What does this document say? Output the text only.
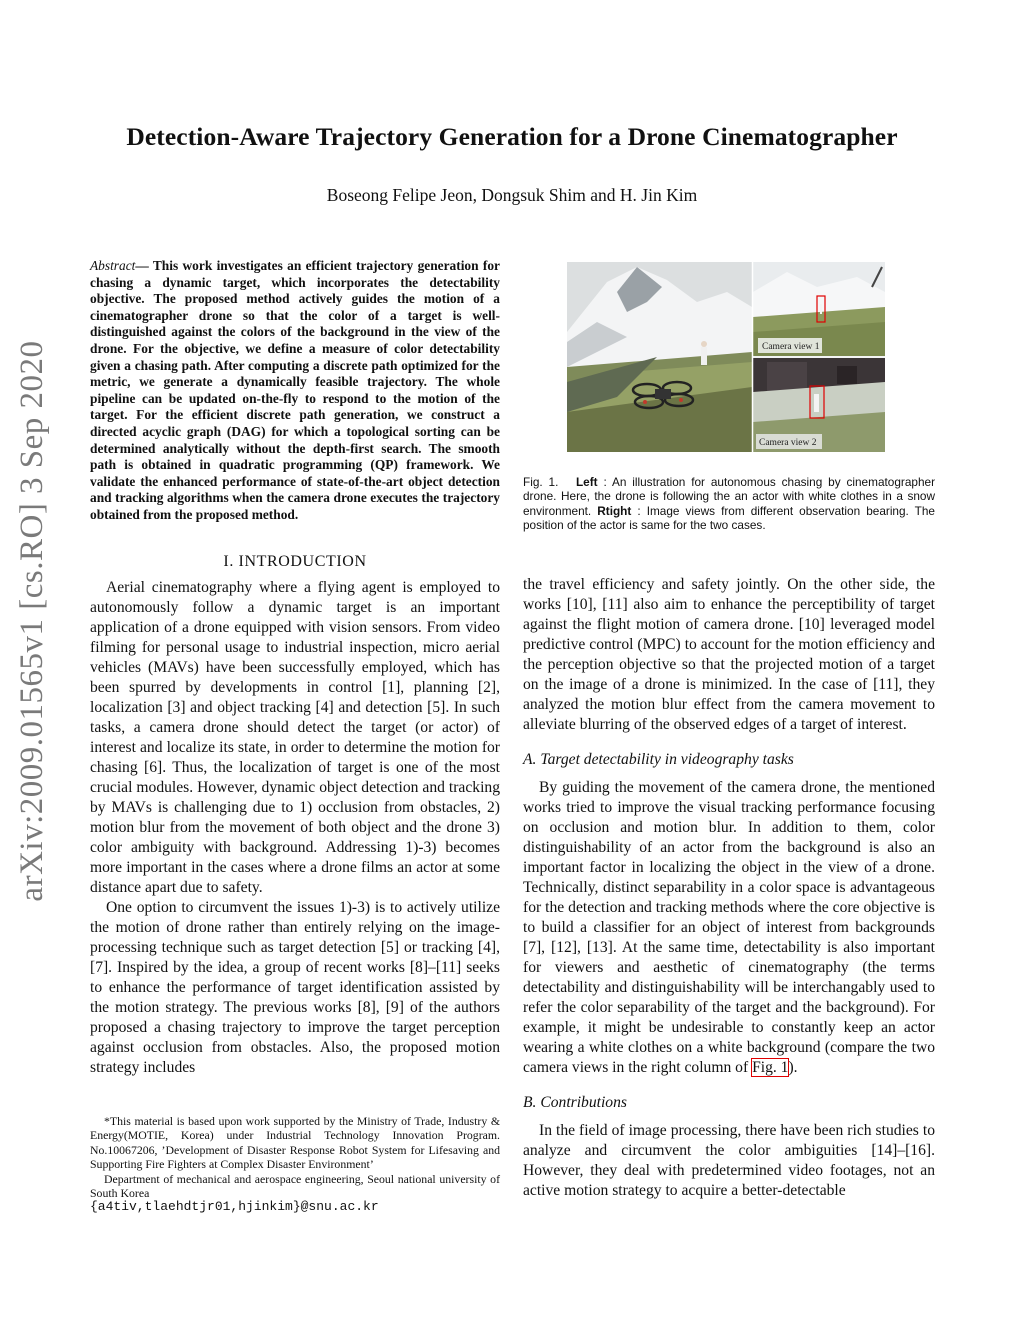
arXiv:2009.01565v1 [cs.RO] 3 Sep 2020
Detection-Aware Trajectory Generation for a Drone Cinematographer
Boseong Felipe Jeon, Dongsuk Shim and H. Jin Kim
Abstract— This work investigates an efficient trajectory generation for chasing a dynamic target, which incorporates the detectability objective. The proposed method actively guides the motion of a cinematographer drone so that the color of a target is well-distinguished against the colors of the background in the view of the drone. For the objective, we define a measure of color detectability given a chasing path. After computing a discrete path optimized for the metric, we generate a dynamically feasible trajectory. The whole pipeline can be updated on-the-fly to respond to the motion of the target. For the efficient discrete path generation, we construct a directed acyclic graph (DAG) for which a topological sorting can be determined analytically without the depth-first search. The smooth path is obtained in quadratic programming (QP) framework. We validate the enhanced performance of state-of-the-art object detection and tracking algorithms when the camera drone executes the trajectory obtained from the proposed method.
I. INTRODUCTION

Aerial cinematography where a flying agent is employed to autonomously follow a dynamic target is an important application of a drone equipped with vision sensors. From video filming for personal usage to industrial inspection, micro aerial vehicles (MAVs) have been successfully employed, which has been spurred by developments in control [1], planning [2], localization [3] and object tracking [4] and detection [5]. In such tasks, a camera drone should detect the target (or actor) of interest and localize its state, in order to determine the motion for chasing [6]. Thus, the localization of target is one of the most crucial modules. However, dynamic object detection and tracking by MAVs is challenging due to 1) occlusion from obstacles, 2) motion blur from the movement of both object and the drone 3) color ambiguity with background. Addressing 1)-3) becomes more important in the cases where a drone films an actor at some distance apart due to safety.

One option to circumvent the issues 1)-3) is to actively utilize the motion of drone rather than entirely relying on the image-processing technique such as target detection [5] or tracking [4], [7]. Inspired by the idea, a group of recent works [8]–[11] seeks to enhance the performance of target identification assisted by the motion strategy. The previous works [8], [9] of the authors proposed a chasing trajectory to improve the target perception against occlusion from obstacles. Also, the proposed motion strategy includes

*This material is based upon work supported by the Ministry of Trade, Industry & Energy(MOTIE, Korea) under Industrial Technology Innovation Program. No.10067206, ’Development of Disaster Response Robot System for Lifesaving and Supporting Fire Fighters at Complex Disaster Environment’

Department of mechanical and aerospace engineering, Seoul national university of South Korea

{a4tiv,tlaehdtjr01,hjinkim}@snu.ac.kr

Camera view 1
Camera view 2
Fig. 1. Left : An illustration for autonomous chasing by cinematographer drone. Here, the drone is following the an actor with white clothes in a snow environment. Rtight : Image views from different observation bearing. The position of the actor is same for the two cases.

the travel efficiency and safety jointly. On the other side, the works [10], [11] also aim to enhance the perceptibility of target against the flight motion of camera drone. [10] leveraged model predictive control (MPC) to account for the motion efficiency and the perception objective so that the projected motion of a target on the image of a drone is minimized. In the case of [11], they analyzed the motion blur effect from the camera movement to alleviate blurring of the observed edges of a target of interest.

A. Target detectability in videography tasks

By guiding the movement of the camera drone, the mentioned works tried to improve the visual tracking performance focusing on occlusion and motion blur. In addition to them, color distinguishability of an actor from the background is also an important factor in localizing the object in the view of a drone. Technically, distinct separability in a color space is advantageous for the detection and tracking methods where the core objective is to build a classifier for an object of interest from backgrounds [7], [12], [13]. At the same time, detectability is also important for viewers and aesthetic of cinematography (the terms detectability and distinguishability will be interchangably used to refer the color separability of the target and the background). For example, it might be undesirable to constantly keep an actor wearing a white clothes on a white background (compare the two camera views in the right column of Fig. 1).

B. Contributions

In the field of image processing, there have been rich studies to analyze and circumvent the color ambiguities [14]–[16]. However, they deal with predetermined video footages, not an active motion strategy to acquire a better-detectable
